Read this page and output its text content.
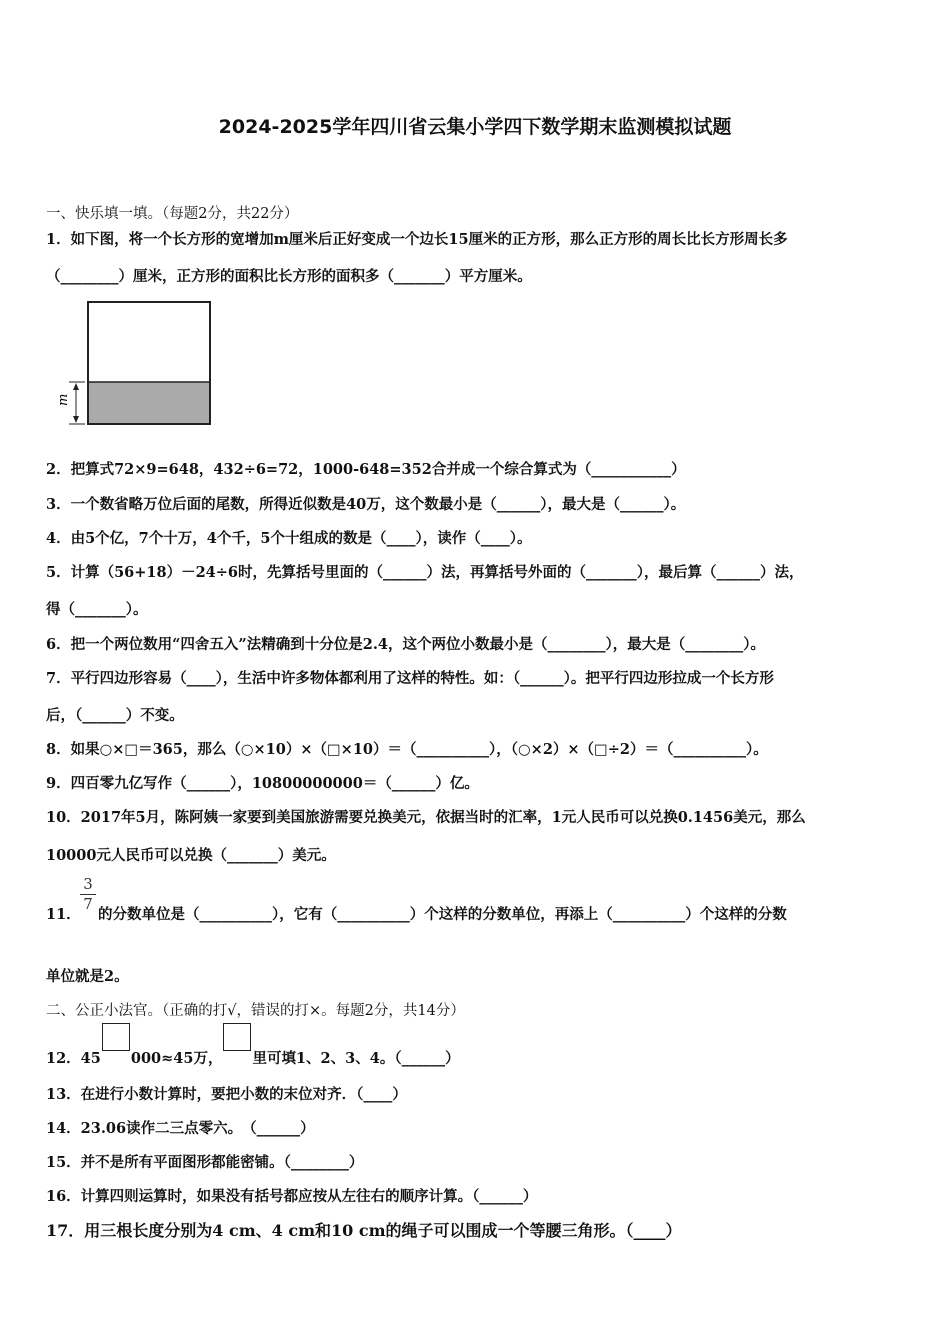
2024-2025学年四川省云集小学四下数学期末监测模拟试题
一、快乐填一填。（每题2分，共22分）
1．如下图，将一个长方形的宽增加m厘米后正好变成一个边长15厘米的正方形，那么正方形的周长比长方形周长多
（________）厘米，正方形的面积比长方形的面积多（_______）平方厘米。
m
2．把算式72×9=648，432÷6=72，1000-648=352合并成一个综合算式为（___________）
3．一个数省略万位后面的尾数，所得近似数是40万，这个数最小是（______），最大是（______）。
4．由5个亿，7个十万，4个千，5个十组成的数是（____），读作（____）。
5．计算（56+18）－24÷6时，先算括号里面的（______）法，再算括号外面的（_______），最后算（______）法，
得（_______）。
6．把一个两位数用“四舍五入”法精确到十分位是2.4，这个两位小数最小是（________），最大是（________）。
7．平行四边形容易（____），生活中许多物体都利用了这样的特性。如：（______）。把平行四边形拉成一个长方形
后，（______）不变。
8．如果○×□＝365，那么（○×10）×（□×10）＝（__________），（○×2）×（□÷2）＝（__________）。
9．四百零九亿写作（______），10800000000＝（______）亿。
10．2017年5月，陈阿姨一家要到美国旅游需要兑换美元，依据当时的汇率，1元人民币可以兑换0.1456美元，那么
10000元人民币可以兑换（_______）美元。
11．
3
7
的分数单位是（__________），它有（__________）个这样的分数单位，再添上（__________）个这样的分数
单位就是2。
二、公正小法官。（正确的打√，错误的打×。每题2分，共14分）
12．45 000≈45万， 里可填1、2、3、4。（______）
13．在进行小数计算时，要把小数的末位对齐．（____）
14．23.06读作二三点零六。　（______）
15．并不是所有平面图形都能密铺。（________）
16．计算四则运算时，如果没有括号都应按从左往右的顺序计算。（______）
17．用三根长度分别为4 cm、4 cm和10 cm的绳子可以围成一个等腰三角形。（____）
